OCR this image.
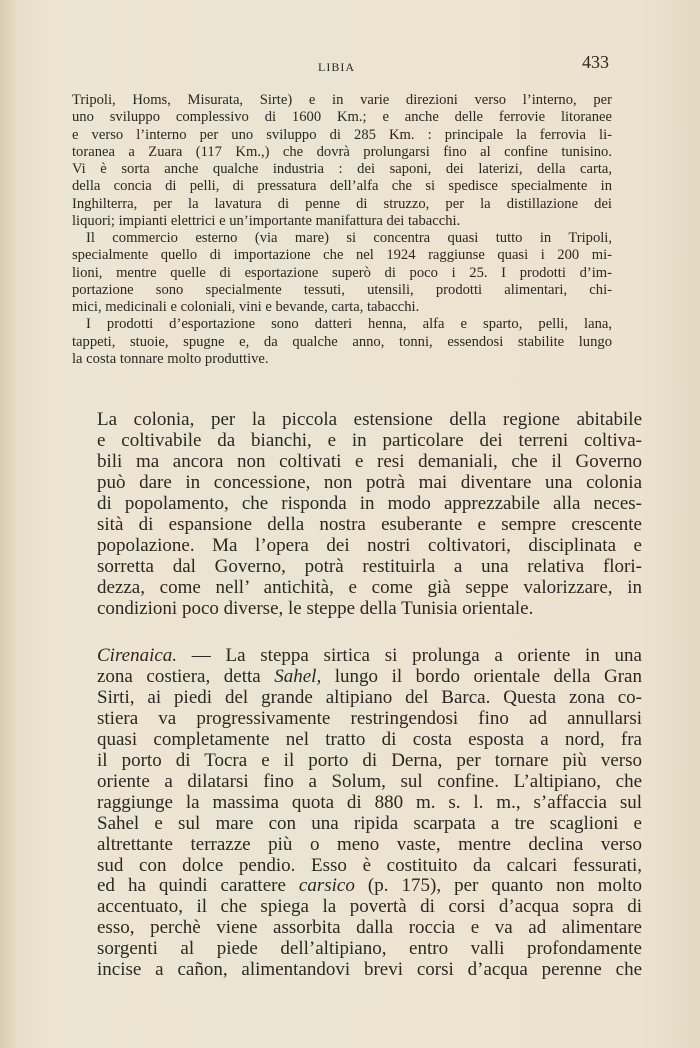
LIBIA	433
Tripoli, Homs, Misurata, Sirte) e in varie direzioni verso l’interno, per
uno sviluppo complessivo di 1600 Km.; e anche delle ferrovie litoranee
e verso l’interno per uno sviluppo di 285 Km. : principale la ferrovia li-
toranea a Zuara (117 Km.,) che dovrà prolungarsi fino al confine tunisino.
Vi è sorta anche qualche industria : dei saponi, dei laterizi, della carta,
della concia di pelli, di pressatura dell’alfa che si spedisce specialmente in
Inghilterra, per la lavatura di penne di struzzo, per la distillazione dei
liquori; impianti elettrici e un’importante manifattura dei tabacchi.
Il commercio esterno (via mare) si concentra quasi tutto in Tripoli,
specialmente quello di importazione che nel 1924 raggiunse quasi i 200 mi-
lioni, mentre quelle di esportazione superò di poco i 25. I prodotti d’im-
portazione sono specialmente tessuti, utensili, prodotti alimentari, chi-
mici, medicinali e coloniali, vini e bevande, carta, tabacchi.
I prodotti d’esportazione sono datteri henna, alfa e sparto, pelli, lana,
tappeti, stuoie, spugne e, da qualche anno, tonni, essendosi stabilite lungo
la costa tonnare molto produttive.
La colonia, per la piccola estensione della regione abitabile
e coltivabile da bianchi, e in particolare dei terreni coltiva-
bili ma ancora non coltivati e resi demaniali, che il Governo
può dare in concessione, non potrà mai diventare una colonia
di popolamento, che risponda in modo apprezzabile alla neces-
sità di espansione della nostra esuberante e sempre crescente
popolazione. Ma l’opera dei nostri coltivatori, disciplinata e
sorretta dal Governo, potrà restituirla a una relativa flori-
dezza, come nell’ antichità, e come già seppe valorizzare, in
condizioni poco diverse, le steppe della Tunisia orientale.
Cirenaica. — La steppa sirtica si prolunga a oriente in una
zona costiera, detta Sahel, lungo il bordo orientale della Gran
Sirti, ai piedi del grande altipiano del Barca. Questa zona co-
stiera va progressivamente restringendosi fino ad annullarsi
quasi completamente nel tratto di costa esposta a nord, fra
il porto di Tocra e il porto di Derna, per tornare più verso
oriente a dilatarsi fino a Solum, sul confine. L’altipiano, che
raggiunge la massima quota di 880 m. s. l. m., s’affaccia sul
Sahel e sul mare con una ripida scarpata a tre scaglioni e
altrettante terrazze più o meno vaste, mentre declina verso
sud con dolce pendio. Esso è costituito da calcari fessurati,
ed ha quindi carattere carsico (p. 175), per quanto non molto
accentuato, il che spiega la povertà di corsi d’acqua sopra di
esso, perchè viene assorbita dalla roccia e va ad alimentare
sorgenti al piede dell’altipiano, entro valli profondamente
incise a cañon, alimentandovi brevi corsi d’acqua perenne che
